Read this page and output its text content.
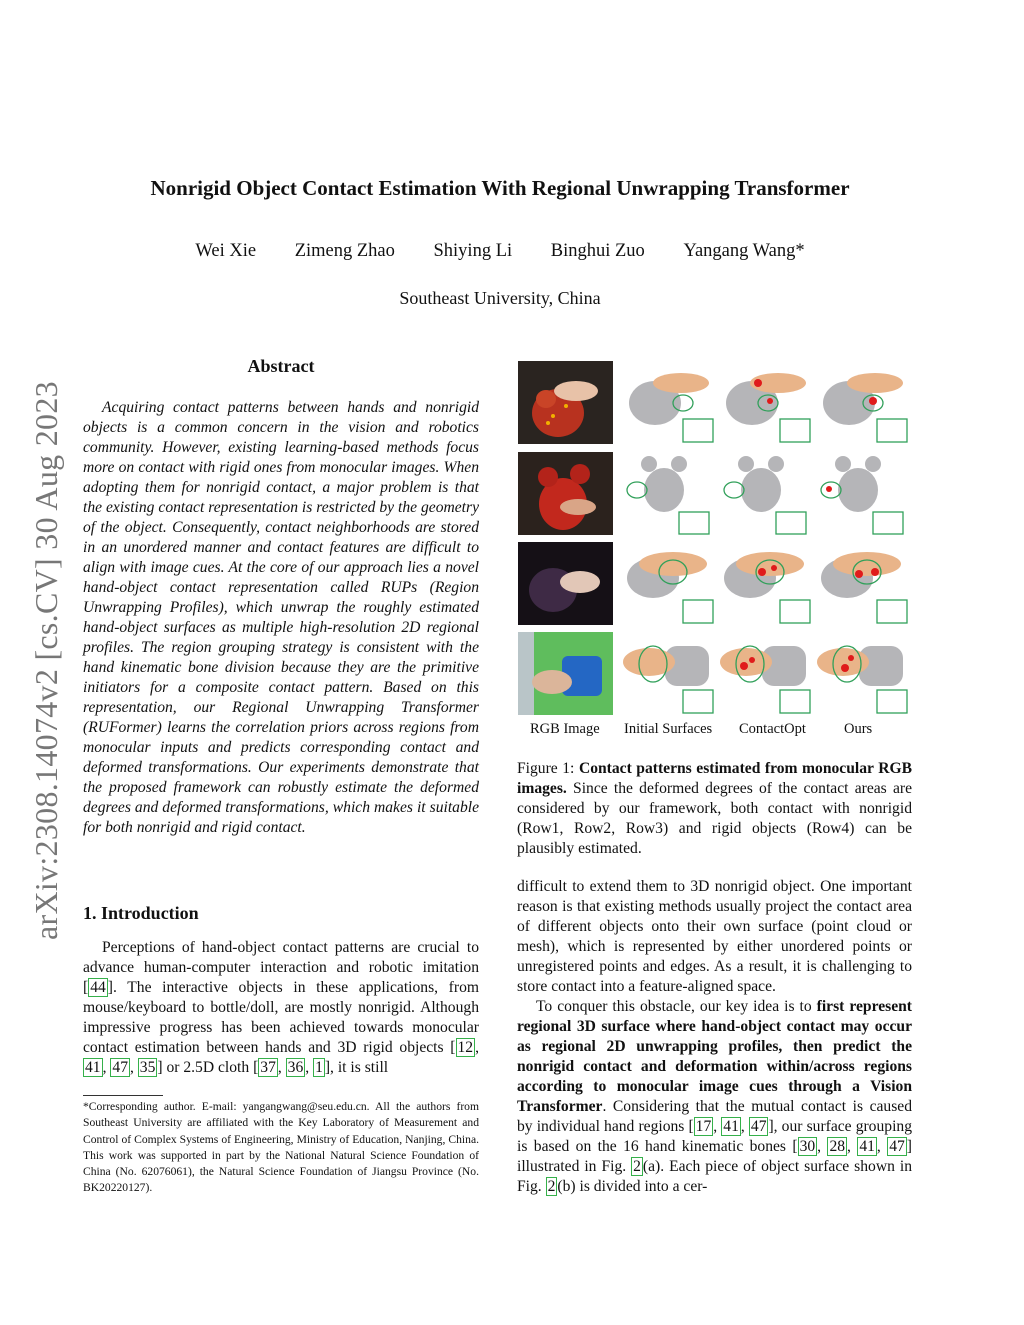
Nonrigid Object Contact Estimation With Regional Unwrapping Transformer
Wei Xie Zimeng Zhao Shiying Li Binghui Zuo Yangang Wang*
Southeast University, China
arXiv:2308.14074v2 [cs.CV] 30 Aug 2023
Abstract
Acquiring contact patterns between hands and nonrigid objects is a common concern in the vision and robotics community. However, existing learning-based methods focus more on contact with rigid ones from monocular images. When adopting them for nonrigid contact, a major problem is that the existing contact representation is restricted by the geometry of the object. Consequently, contact neighborhoods are stored in an unordered manner and contact features are difficult to align with image cues. At the core of our approach lies a novel hand-object contact representation called RUPs (Region Unwrapping Profiles), which unwrap the roughly estimated hand-object surfaces as multiple high-resolution 2D regional profiles. The region grouping strategy is consistent with the hand kinematic bone division because they are the primitive initiators for a composite contact pattern. Based on this representation, our Regional Unwrapping Transformer (RUFormer) learns the correlation priors across regions from monocular inputs and predicts corresponding contact and deformed transformations. Our experiments demonstrate that the proposed framework can robustly estimate the deformed degrees and deformed transformations, which makes it suitable for both nonrigid and rigid contact.
1. Introduction
Perceptions of hand-object contact patterns are crucial to advance human-computer interaction and robotic imitation [ 44 ]. The interactive objects in these applications, from mouse/keyboard to bottle/doll, are mostly nonrigid. Although impressive progress has been achieved towards monocular contact estimation between hands and 3D rigid objects [ 12 , 41 , 47 , 35 ] or 2.5D cloth [ 37 , 36 , 1 ], it is still
*Corresponding author. E-mail: yangangwang@seu.edu.cn. All the authors from Southeast University are affiliated with the Key Laboratory of Measurement and Control of Complex Systems of Engineering, Ministry of Education, Nanjing, China. This work was supported in part by the National Natural Science Foundation of China (No. 62076061), the Natural Science Foundation of Jiangsu Province (No. BK20220127).
RGB Image Initial Surfaces ContactOpt	Ours
Figure 1: Contact patterns estimated from monocular RGB images. Since the deformed degrees of the contact areas are considered by our framework, both contact with nonrigid (Row1, Row2, Row3) and rigid objects (Row4) can be plausibly estimated.
difficult to extend them to 3D nonrigid object. One important reason is that existing methods usually project the contact area of different objects onto their own surface (point cloud or mesh), which is represented by either unordered points or unregistered points and edges. As a result, it is challenging to store contact into a feature-aligned space.
To conquer this obstacle, our key idea is to first represent regional 3D surface where hand-object contact may occur as regional 2D unwrapping profiles, then predict the nonrigid contact and deformation within/across regions according to monocular image cues through a Vision Transformer. Considering that the mutual contact is caused by individual hand regions [ 17 , 41 , 47 ], our surface grouping is based on the 16 hand kinematic bones [ 30 , 28 , 41 , 47 ] illustrated in Fig. 2 (a). Each piece of object surface shown in Fig. 2 (b) is divided into a cer-
